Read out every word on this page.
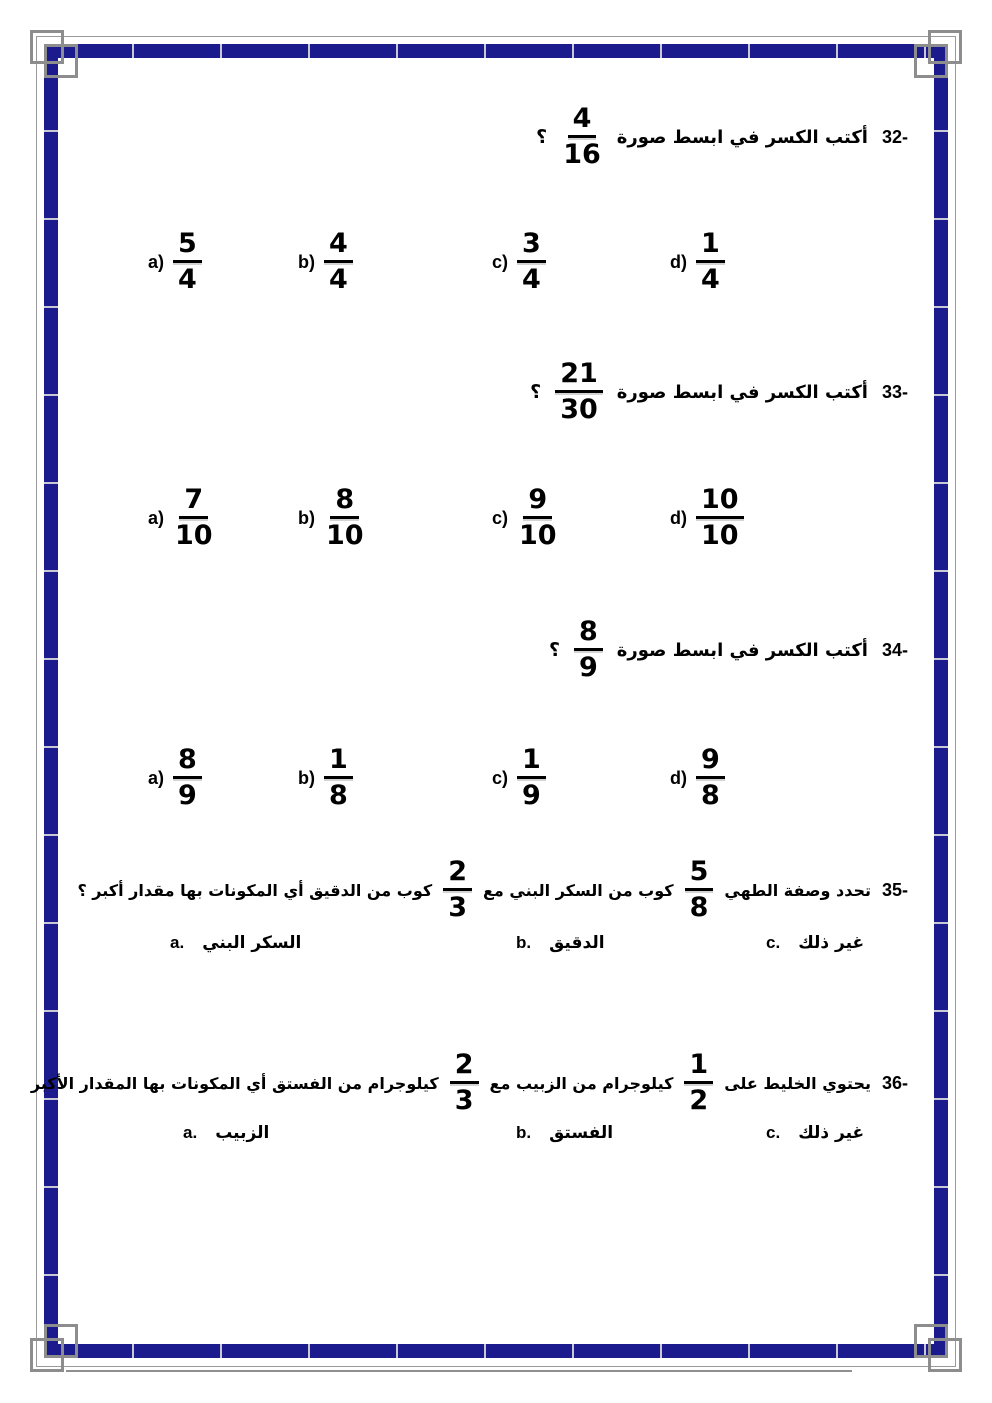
32-
أكتب الكسر في ابسط صورة
$\frac{4}{16}$
؟
$a) \frac{5}{4}$	$b) \frac{4}{4}$	$c) \frac{3}{4}$	$d) \frac{1}{4}$
33-
أكتب الكسر في ابسط صورة
$\frac{21}{30}$
؟
$a) \frac{7}{10}$	$b) \frac{8}{10}$	$c) \frac{9}{10}$	$d) \frac{10}{10}$
34-
أكتب الكسر في ابسط صورة
$\frac{8}{9}$
؟
$a) \frac{8}{9}$	$b) \frac{1}{8}$	$c) \frac{1}{9}$	$d) \frac{9}{8}$
35-
تحدد وصفة الطهي
$\frac{5}{8}$
كوب من السكر البني مع
$\frac{2}{3}$
كوب من الدقيق أي المكونات بها مقدار أكبر ؟
a. السكر البني	b. الدقيق	c. غير ذلك
36-
يحتوي الخليط على
$\frac{1}{2}$
كيلوجرام من الزبيب مع
$\frac{2}{3}$
كيلوجرام من الفستق أي المكونات بها المقدار الأكبر
a. الزبيب	b. الفستق	c. غير ذلك
